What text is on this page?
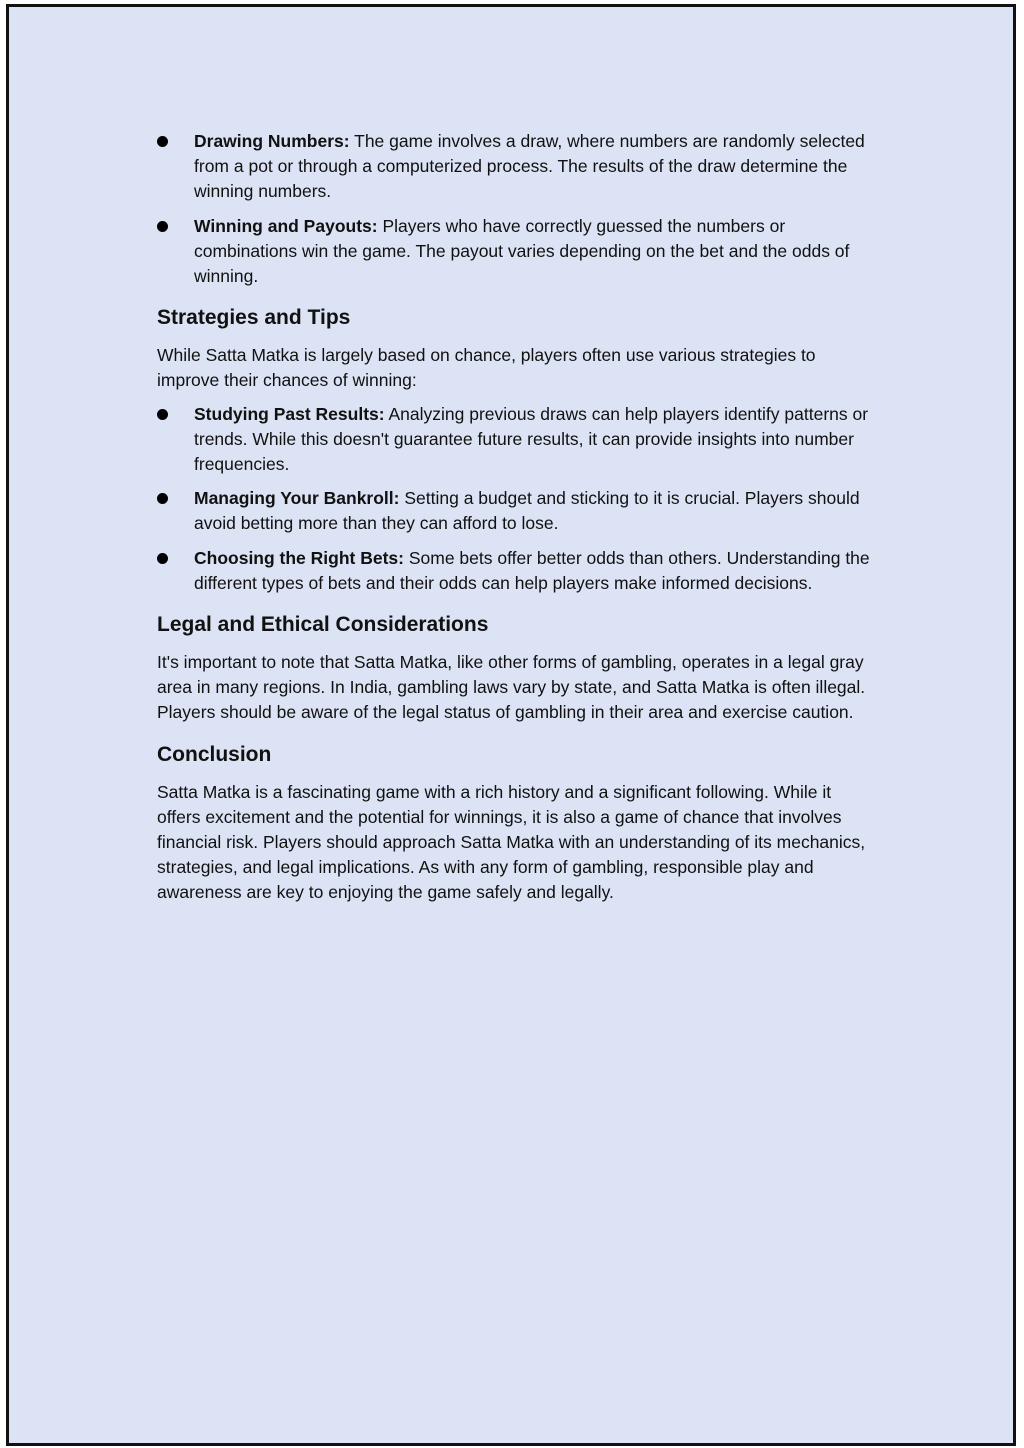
Drawing Numbers: The game involves a draw, where numbers are randomly selected from a pot or through a computerized process. The results of the draw determine the winning numbers.
Winning and Payouts: Players who have correctly guessed the numbers or combinations win the game. The payout varies depending on the bet and the odds of winning.
Strategies and Tips

While Satta Matka is largely based on chance, players often use various strategies to improve their chances of winning:

Studying Past Results: Analyzing previous draws can help players identify patterns or trends. While this doesn't guarantee future results, it can provide insights into number frequencies.
Managing Your Bankroll: Setting a budget and sticking to it is crucial. Players should avoid betting more than they can afford to lose.
Choosing the Right Bets: Some bets offer better odds than others. Understanding the different types of bets and their odds can help players make informed decisions.
Legal and Ethical Considerations

It's important to note that Satta Matka, like other forms of gambling, operates in a legal gray area in many regions. In India, gambling laws vary by state, and Satta Matka is often illegal. Players should be aware of the legal status of gambling in their area and exercise caution.

Conclusion

Satta Matka is a fascinating game with a rich history and a significant following. While it offers excitement and the potential for winnings, it is also a game of chance that involves financial risk. Players should approach Satta Matka with an understanding of its mechanics, strategies, and legal implications. As with any form of gambling, responsible play and awareness are key to enjoying the game safely and legally.
